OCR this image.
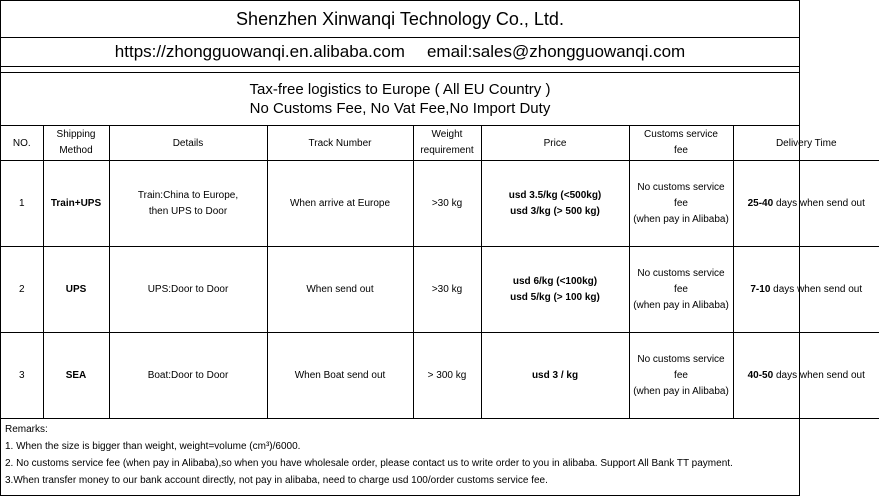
Shenzhen Xinwanqi Technology Co., Ltd.
https://zhongguowanqi.en.alibaba.com email:sales@zhongguowanqi.com
Tax-free logistics to Europe ( All EU Country )
No Customs Fee, No Vat Fee,No Import Duty
NO.	Shipping
Method	Details	Track Number	Weight
requirement	Price	Customs service
fee	Delivery Time
1	Train+UPS	Train:China to Europe,
then UPS to Door	When arrive at Europe	>30 kg	usd 3.5/kg (<500kg)
usd 3/kg (> 500 kg)	No customs service
fee
(when pay in Alibaba)	25-40 days when send out
2	UPS	UPS:Door to Door	When send out	>30 kg	usd 6/kg (<100kg)
usd 5/kg (> 100 kg)	No customs service
fee
(when pay in Alibaba)	7-10 days when send out
3	SEA	Boat:Door to Door	When Boat send out	> 300 kg	usd 3 / kg	No customs service
fee
(when pay in Alibaba)	40-50 days when send out
Remarks:
1. When the size is bigger than weight, weight=volume (cm³)/6000.
2. No customs service fee (when pay in Alibaba),so when you have wholesale order, please contact us to write order to you in alibaba. Support All Bank TT payment.
3.When transfer money to our bank account directly, not pay in alibaba, need to charge usd 100/order customs service fee.
